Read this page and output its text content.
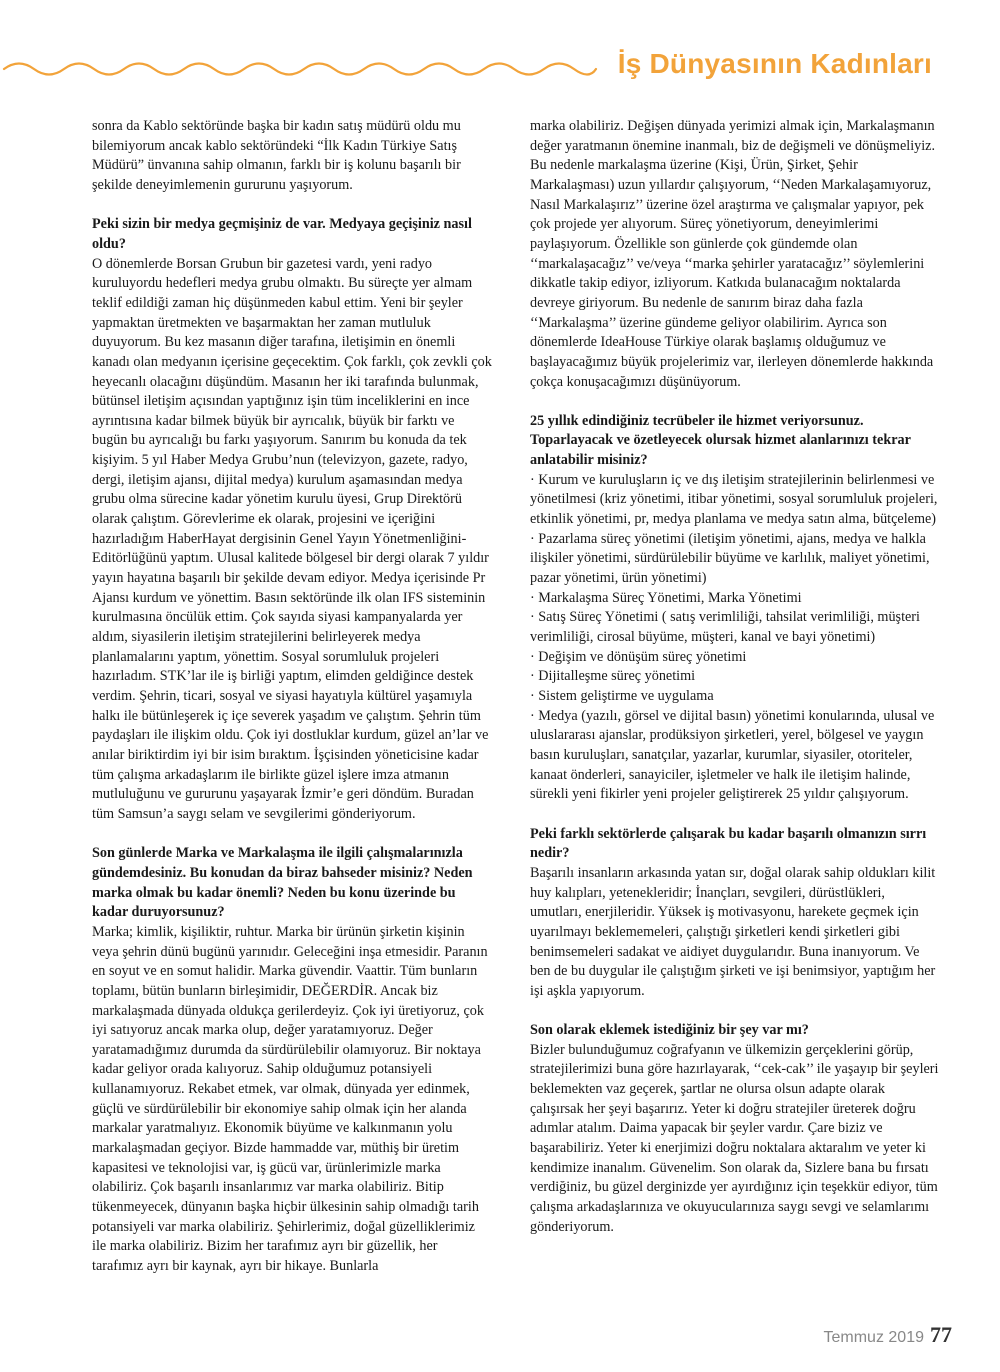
İş Dünyasının Kadınları

sonra da Kablo sektöründe başka bir kadın satış müdürü oldu mu bilemiyorum ancak kablo sektöründeki “İlk Kadın Türkiye Satış Müdürü” ünvanına sahip olmanın, farklı bir iş kolunu başarılı bir şekilde deneyimlemenin gururunu yaşıyorum.

Peki sizin bir medya geçmişiniz de var. Medyaya geçişiniz nasıl oldu?

O dönemlerde Borsan Grubun bir gazetesi vardı, yeni radyo kuruluyordu hedefleri medya grubu olmaktı. Bu süreçte yer almam teklif edildiği zaman hiç düşünmeden kabul ettim. Yeni bir şeyler yapmaktan üretmekten ve başarmaktan her zaman mutluluk duyuyorum. Bu kez masanın diğer tarafına, iletişimin en önemli kanadı olan medyanın içerisine geçecektim. Çok farklı, çok zevkli çok heyecanlı olacağını düşündüm. Masanın her iki tarafında bulunmak, bütünsel iletişim açısından yaptığınız işin tüm inceliklerini en ince ayrıntısına kadar bilmek büyük bir ayrıcalık, büyük bir farktı ve bugün bu ayrıcalığı bu farkı yaşıyorum. Sanırım bu konuda da tek kişiyim. 5 yıl Haber Medya Grubu’nun (televizyon, gazete, radyo, dergi, iletişim ajansı, dijital medya) kurulum aşamasından medya grubu olma sürecine kadar yönetim kurulu üyesi, Grup Direktörü olarak çalıştım. Görevlerime ek olarak, projesini ve içeriğini hazırladığım HaberHayat dergisinin Genel Yayın Yönetmenliğini-Editörlüğünü yaptım. Ulusal kalitede bölgesel bir dergi olarak 7 yıldır yayın hayatına başarılı bir şekilde devam ediyor. Medya içerisinde Pr Ajansı kurdum ve yönettim. Basın sektöründe ilk olan IFS sisteminin kurulmasına öncülük ettim. Çok sayıda siyasi kampanyalarda yer aldım, siyasilerin iletişim stratejilerini belirleyerek medya planlamalarını yaptım, yönettim. Sosyal sorumluluk projeleri hazırladım. STK’lar ile iş birliği yaptım, elimden geldiğince destek verdim. Şehrin, ticari, sosyal ve siyasi hayatıyla kültürel yaşamıyla halkı ile bütünleşerek iç içe severek yaşadım ve çalıştım. Şehrin tüm paydaşları ile ilişkim oldu. Çok iyi dostluklar kurdum, güzel an’lar ve anılar biriktirdim iyi bir isim bıraktım. İşçisinden yöneticisine kadar tüm çalışma arkadaşlarım ile birlikte güzel işlere imza atmanın mutluluğunu ve gururunu yaşayarak İzmir’e geri döndüm. Buradan tüm Samsun’a saygı selam ve sevgilerimi gönderiyorum.

Son günlerde Marka ve Markalaşma ile ilgili çalışmalarınızla gündemdesiniz. Bu konudan da biraz bahseder misiniz? Neden marka olmak bu kadar önemli? Neden bu konu üzerinde bu kadar duruyorsunuz?

Marka; kimlik, kişiliktir, ruhtur. Marka bir ürünün şirketin kişinin veya şehrin dünü bugünü yarınıdır. Geleceğini inşa etmesidir. Paranın en soyut ve en somut halidir. Marka güvendir. Vaattir. Tüm bunların toplamı, bütün bunların birleşimidir, DEĞERDİR. Ancak biz markalaşmada dünyada oldukça gerilerdeyiz. Çok iyi üretiyoruz, çok iyi satıyoruz ancak marka olup, değer yaratamıyoruz. Değer yaratamadığımız durumda da sürdürülebilir olamıyoruz. Bir noktaya kadar geliyor orada kalıyoruz. Sahip olduğumuz potansiyeli kullanamıyoruz. Rekabet etmek, var olmak, dünyada yer edinmek, güçlü ve sürdürülebilir bir ekonomiye sahip olmak için her alanda markalar yaratmalıyız. Ekonomik büyüme ve kalkınmanın yolu markalaşmadan geçiyor. Bizde hammadde var, müthiş bir üretim kapasitesi ve teknolojisi var, iş gücü var, ürünlerimizle marka olabiliriz. Çok başarılı insanlarımız var marka olabiliriz. Bitip tükenmeyecek, dünyanın başka hiçbir ülkesinin sahip olmadığı tarih potansiyeli var marka olabiliriz. Şehirlerimiz, doğal güzelliklerimiz ile marka olabiliriz. Bizim her tarafımız ayrı bir güzellik, her tarafımız ayrı bir kaynak, ayrı bir hikaye. Bunlarla

marka olabiliriz. Değişen dünyada yerimizi almak için, Markalaşmanın değer yaratmanın önemine inanmalı, biz de değişmeli ve dönüşmeliyiz. Bu nedenle markalaşma üzerine (Kişi, Ürün, Şirket, Şehir Markalaşması) uzun yıllardır çalışıyorum, ‘‘Neden Markalaşamıyoruz, Nasıl Markalaşırız’’ üzerine özel araştırma ve çalışmalar yapıyor, pek çok projede yer alıyorum. Süreç yönetiyorum, deneyimlerimi paylaşıyorum. Özellikle son günlerde çok gündemde olan ‘‘markalaşacağız’’ ve/veya ‘‘marka şehirler yaratacağız’’ söylemlerini dikkatle takip ediyor, izliyorum. Katkıda bulanacağım noktalarda devreye giriyorum. Bu nedenle de sanırım biraz daha fazla ‘‘Markalaşma’’ üzerine gündeme geliyor olabilirim. Ayrıca son dönemlerde IdeaHouse Türkiye olarak başlamış olduğumuz ve başlayacağımız büyük projelerimiz var, ilerleyen dönemlerde hakkında çokça konuşacağımızı düşünüyorum.

25 yıllık edindiğiniz tecrübeler ile hizmet veriyorsunuz. Toparlayacak ve özetleyecek olursak hizmet alanlarınızı tekrar anlatabilir misiniz?
· Kurum ve kuruluşların iç ve dış iletişim stratejilerinin belirlenmesi ve yönetilmesi (kriz yönetimi, itibar yönetimi, sosyal sorumluluk projeleri, etkinlik yönetimi, pr, medya planlama ve medya satın alma, bütçeleme)
· Pazarlama süreç yönetimi (iletişim yönetimi, ajans, medya ve halkla ilişkiler yönetimi, sürdürülebilir büyüme ve karlılık, maliyet yönetimi, pazar yönetimi, ürün yönetimi)
· Markalaşma Süreç Yönetimi, Marka Yönetimi
· Satış Süreç Yönetimi ( satış verimliliği, tahsilat verimliliği, müşteri verimliliği, cirosal büyüme, müşteri, kanal ve bayi yönetimi)
· Değişim ve dönüşüm süreç yönetimi
· Dijitalleşme süreç yönetimi
· Sistem geliştirme ve uygulama
· Medya (yazılı, görsel ve dijital basın) yönetimi konularında, ulusal ve uluslararası ajanslar, prodüksiyon şirketleri, yerel, bölgesel ve yaygın basın kuruluşları, sanatçılar, yazarlar, kurumlar, siyasiler, otoriteler, kanaat önderleri, sanayiciler, işletmeler ve halk ile iletişim halinde, sürekli yeni fikirler yeni projeler geliştirerek 25 yıldır çalışıyorum.
Peki farklı sektörlerde çalışarak bu kadar başarılı olmanızın sırrı nedir?

Başarılı insanların arkasında yatan sır, doğal olarak sahip oldukları kilit huy kalıpları, yetenekleridir; İnançları, sevgileri, dürüstlükleri, umutları, enerjileridir. Yüksek iş motivasyonu, harekete geçmek için uyarılmayı beklememeleri, çalıştığı şirketleri kendi şirketleri gibi benimsemeleri sadakat ve aidiyet duygularıdır. Buna inanıyorum. Ve ben de bu duygular ile çalıştığım şirketi ve işi benimsiyor, yaptığım her işi aşkla yapıyorum.

Son olarak eklemek istediğiniz bir şey var mı?

Bizler bulunduğumuz coğrafyanın ve ülkemizin gerçeklerini görüp, stratejilerimizi buna göre hazırlayarak, ‘‘cek-cak’’ ile yaşayıp bir şeyleri beklemekten vaz geçerek, şartlar ne olursa olsun adapte olarak çalışırsak her şeyi başarırız. Yeter ki doğru stratejiler üreterek doğru adımlar atalım. Daima yapacak bir şeyler vardır. Çare biziz ve başarabiliriz. Yeter ki enerjimizi doğru noktalara aktaralım ve yeter ki kendimize inanalım. Güvenelim. Son olarak da, Sizlere bana bu fırsatı verdiğiniz, bu güzel derginizde yer ayırdığınız için teşekkür ediyor, tüm çalışma arkadaşlarınıza ve okuyucularınıza saygı sevgi ve selamlarımı gönderiyorum.

Temmuz 2019 77
